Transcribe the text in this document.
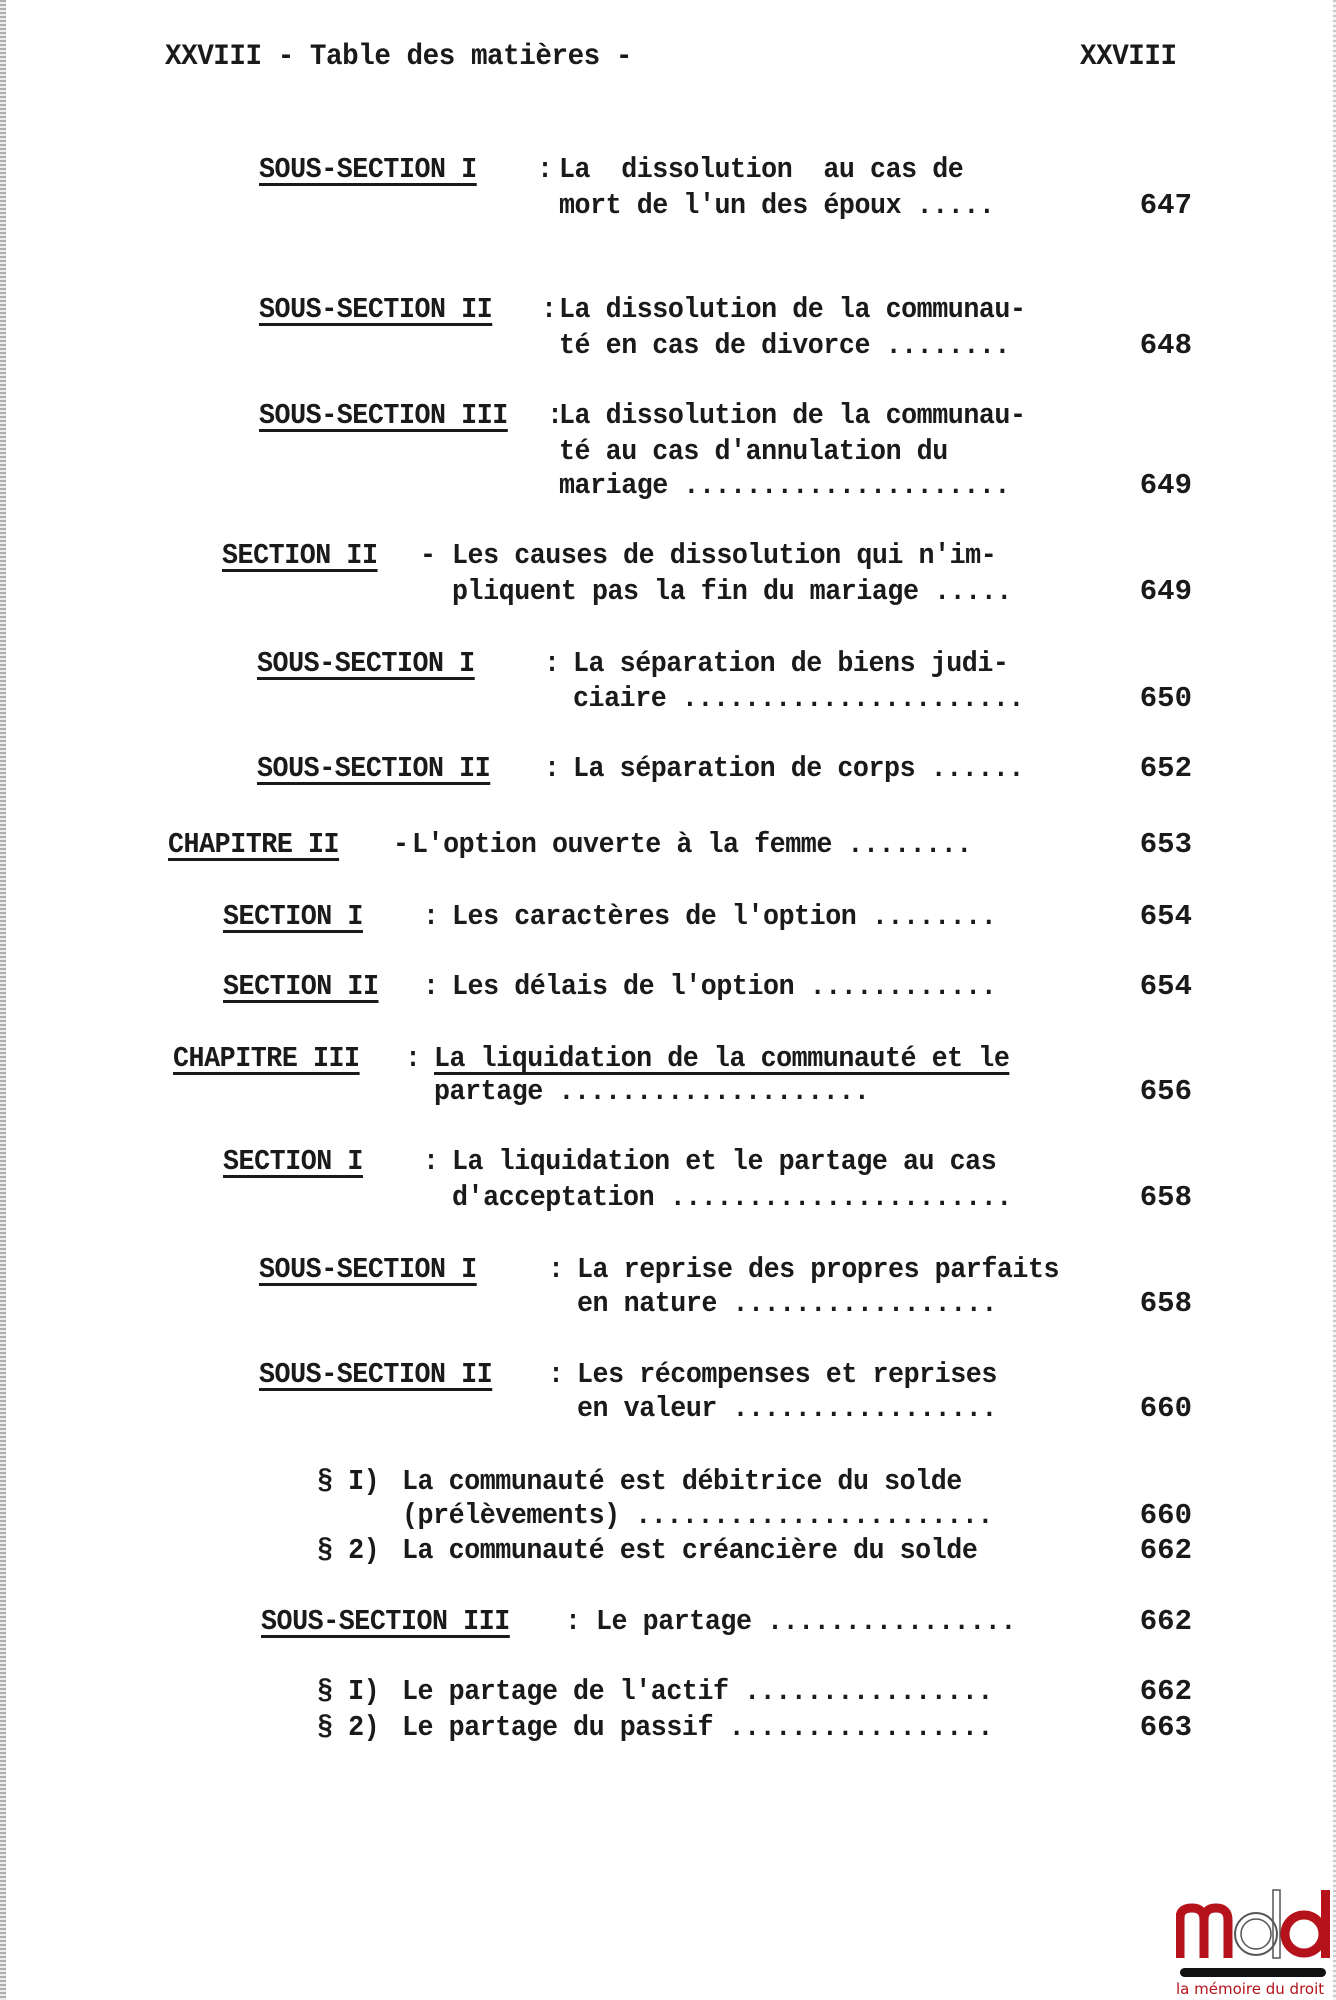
XXVIII - Table des matières -	XXVIII
SOUS-SECTION I : La  dissolution  au cas de
mort de l'un des époux .....	647
SOUS-SECTION II : La dissolution de la communau-
té en cas de divorce ........	648
SOUS-SECTION III :
La dissolution de la communau-
té au cas d'annulation du
mariage .....................	649
SECTION II - Les causes de dissolution qui n'im-
pliquent pas la fin du mariage .....	649
SOUS-SECTION I : La séparation de biens judi-
ciaire ......................	650
SOUS-SECTION II : La séparation de corps ......	652
CHAPITRE II - L'option ouverte à la femme ........	653
SECTION I : Les caractères de l'option ........	654
SECTION II : Les délais de l'option ............	654
CHAPITRE III : La liquidation de la communauté et le
partage ....................	656
SECTION I : La liquidation et le partage au cas
d'acceptation ......................	658
SOUS-SECTION I : La reprise des propres parfaits
en nature .................	658
SOUS-SECTION II : Les récompenses et reprises
en valeur .................	660
§ I) La communauté est débitrice du solde
(prélèvements) .......................	660
§ 2) La communauté est créancière du solde	662
SOUS-SECTION III : Le partage ................	662
§ I) Le partage de l'actif ................	662
§ 2) Le partage du passif .................	663
la mémoire du droit
